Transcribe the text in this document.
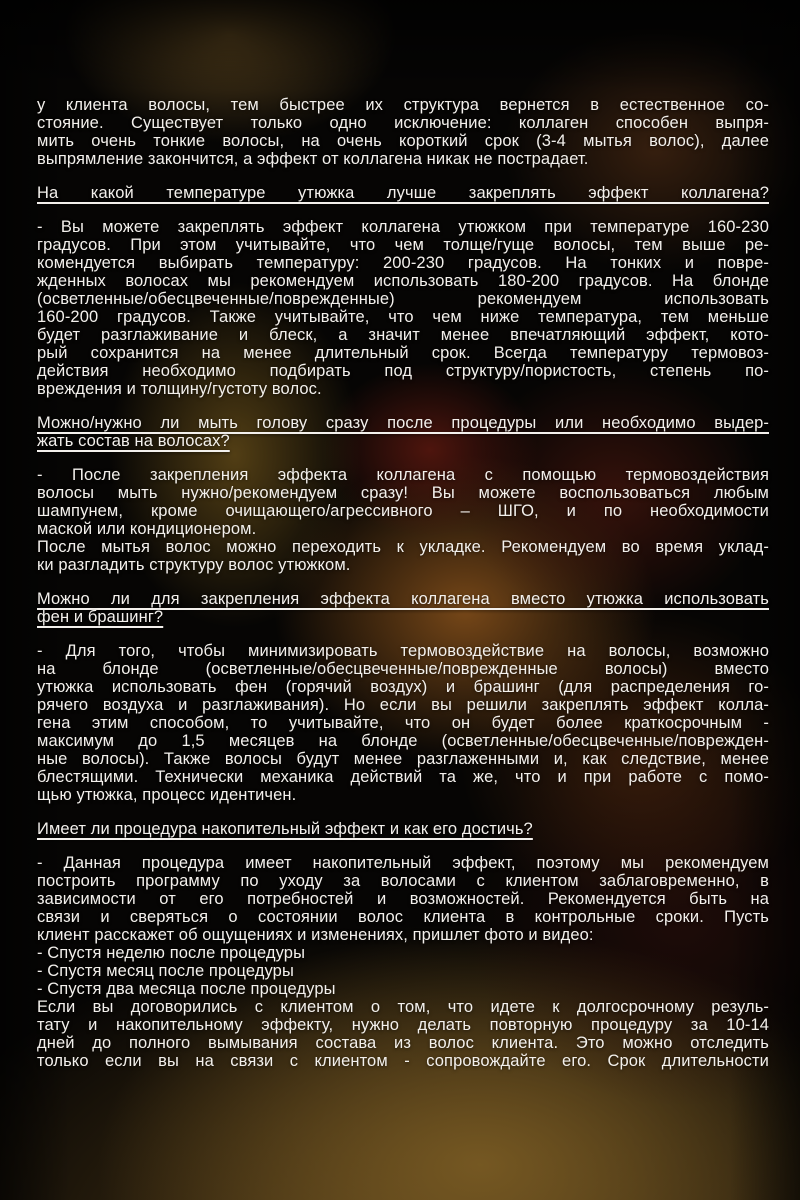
у клиента волосы, тем быстрее их структура вернется в естественное со-
стояние. Существует только одно исключение: коллаген способен выпря-
мить очень тонкие волосы, на очень короткий срок (3-4 мытья волос), далее
выпрямление закончится, а эффект от коллагена никак не пострадает.
На какой температуре утюжка лучше закреплять эффект коллагена?
- Вы можете закреплять эффект коллагена утюжком при температуре 160-230
градусов. При этом учитывайте, что чем толще/гуще волосы, тем выше ре-
комендуется выбирать температуру: 200-230 градусов. На тонких и повре-
жденных волосах мы рекомендуем использовать 180-200 градусов. На блонде
(осветленные/обесцвеченные/поврежденные) рекомендуем использовать
160-200 градусов. Также учитывайте, что чем ниже температура, тем меньше
будет разглаживание и блеск, а значит менее впечатляющий эффект, кото-
рый сохранится на менее длительный срок. Всегда температуру термовоз-
действия необходимо подбирать под структуру/пористость, степень по-
вреждения и толщину/густоту волос.
Можно/нужно ли мыть голову сразу после процедуры или необходимо выдер-
жать состав на волосах?
- После закрепления эффекта коллагена с помощью термовоздействия
волосы мыть нужно/рекомендуем сразу! Вы можете воспользоваться любым
шампунем, кроме очищающего/агрессивного – ШГО, и по необходимости
маской или кондиционером.
После мытья волос можно переходить к укладке. Рекомендуем во время уклад-
ки разгладить структуру волос утюжком.
Можно ли для закрепления эффекта коллагена вместо утюжка использовать
фен и брашинг?
- Для того, чтобы минимизировать термовоздействие на волосы, возможно
на блонде (осветленные/обесцвеченные/поврежденные волосы) вместо
утюжка использовать фен (горячий воздух) и брашинг (для распределения го-
рячего воздуха и разглаживания). Но если вы решили закреплять эффект колла-
гена этим способом, то учитывайте, что он будет более краткосрочным -
максимум до 1,5 месяцев на блонде (осветленные/обесцвеченные/поврежден-
ные волосы). Также волосы будут менее разглаженными и, как следствие, менее
блестящими. Технически механика действий та же, что и при работе с помо-
щью утюжка, процесс идентичен.
Имеет ли процедура накопительный эффект и как его достичь?
- Данная процедура имеет накопительный эффект, поэтому мы рекомендуем
построить программу по уходу за волосами с клиентом заблаговременно, в
зависимости от его потребностей и возможностей. Рекомендуется быть на
связи и сверяться о состоянии волос клиента в контрольные сроки. Пусть
клиент расскажет об ощущениях и изменениях, пришлет фото и видео:
- Спустя неделю после процедуры
- Спустя месяц после процедуры
- Спустя два месяца после процедуры
Если вы договорились с клиентом о том, что идете к долгосрочному резуль-
тату и накопительному эффекту, нужно делать повторную процедуру за 10-14
дней до полного вымывания состава из волос клиента. Это можно отследить
только если вы на связи с клиентом - сопровождайте его. Срок длительности
